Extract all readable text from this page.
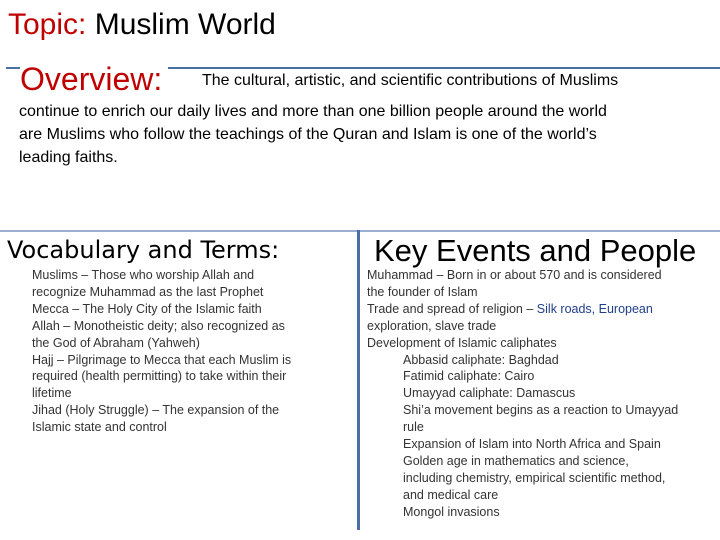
Topic: Muslim World
Overview:	The cultural, artistic, and scientific contributions of Muslims
continue to enrich our daily lives and more than one billion people around the world
are Muslims who follow the teachings of the Quran and Islam is one of the world’s
leading faiths.
Vocabulary and Terms:
Muslims – Those who worship Allah and
recognize Muhammad as the last Prophet
Mecca – The Holy City of the Islamic faith
Allah – Monotheistic deity; also recognized as
the God of Abraham (Yahweh)
Hajj – Pilgrimage to Mecca that each Muslim is
required (health permitting) to take within their
lifetime
Jihad (Holy Struggle) – The expansion of the
Islamic state and control
Key Events and People
Muhammad – Born in or about 570 and is considered
the founder of Islam
Trade and spread of religion – Silk roads, European
exploration, slave trade
Development of Islamic caliphates
Abbasid caliphate: Baghdad
Fatimid caliphate: Cairo
Umayyad caliphate: Damascus
Shi’a movement begins as a reaction to Umayyad
rule
Expansion of Islam into North Africa and Spain
Golden age in mathematics and science,
including chemistry, empirical scientific method,
and medical care
Mongol invasions
